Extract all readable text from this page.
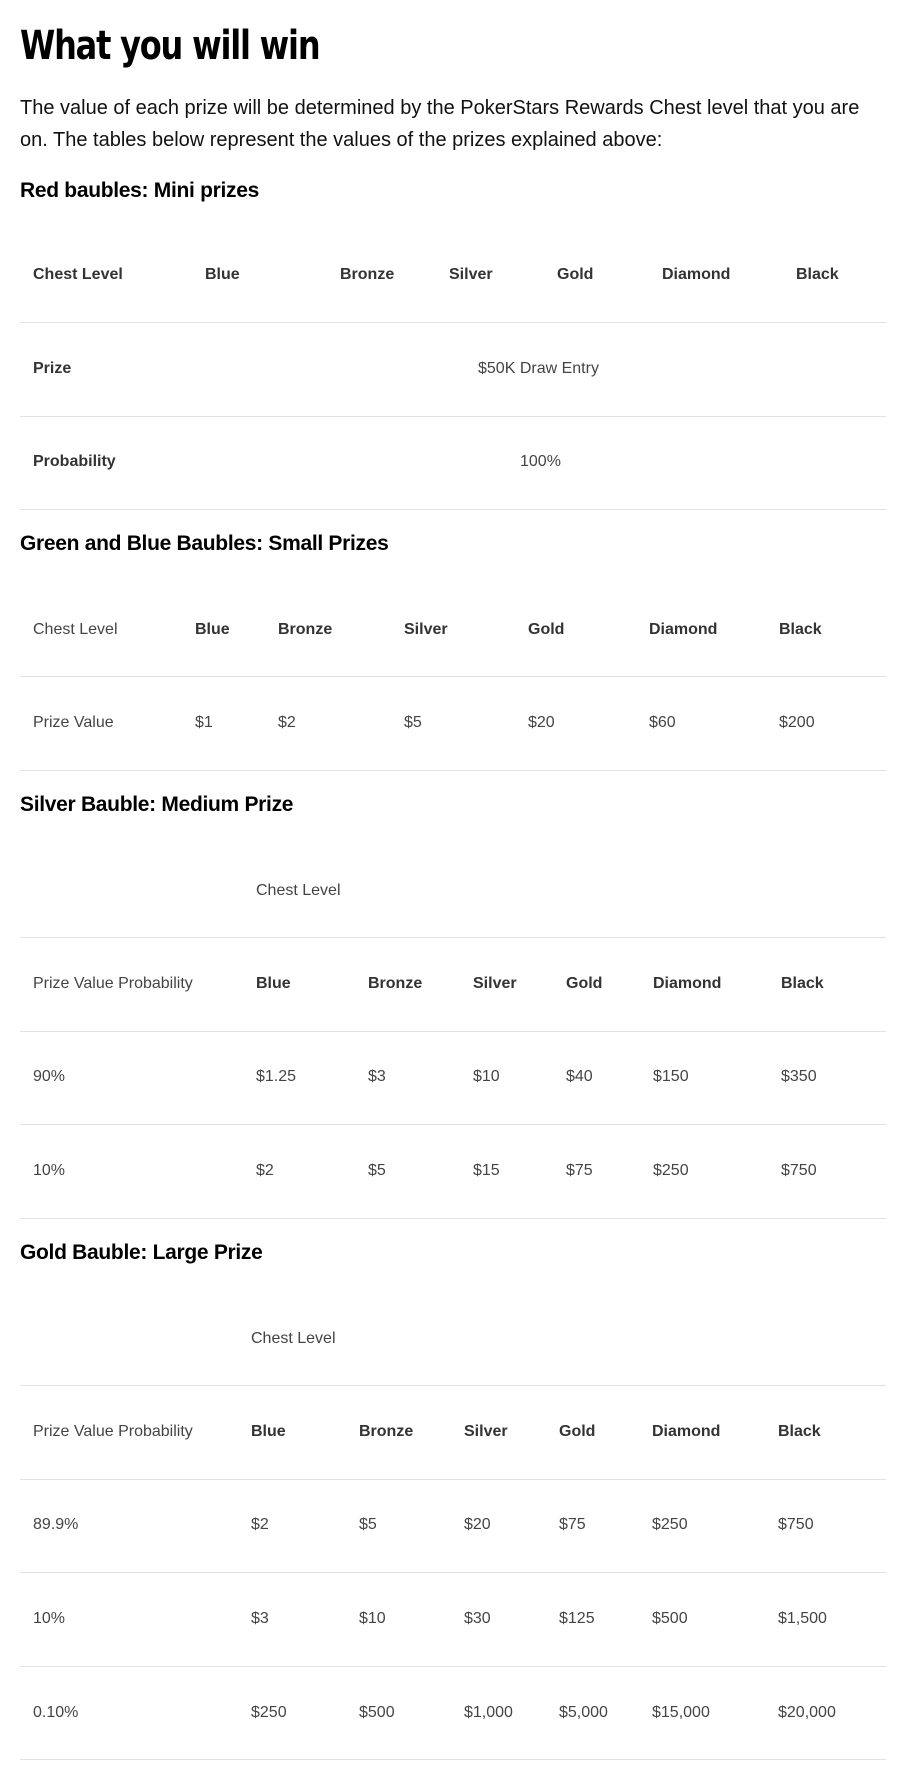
What you will win
The value of each prize will be determined by the PokerStars Rewards Chest level that you are on. The tables below represent the values of the prizes explained above:
Red baubles: Mini prizes
Chest Level	Blue	Bronze	Silver	Gold	Diamond	Black
Prize	$50K Draw Entry
Probability	100%
Green and Blue Baubles: Small Prizes
Chest Level	Blue	Bronze	Silver	Gold	Diamond	Black
Prize Value	$1	$2	$5	$20	$60	$200
Silver Bauble: Medium Prize
Chest Level
Prize Value Probability	Blue	Bronze	Silver	Gold	Diamond	Black
90%	$1.25	$3	$10	$40	$150	$350
10%	$2	$5	$15	$75	$250	$750
Gold Bauble: Large Prize
Chest Level
Prize Value Probability	Blue	Bronze	Silver	Gold	Diamond	Black
89.9%	$2	$5	$20	$75	$250	$750
10%	$3	$10	$30	$125	$500	$1,500
0.10%	$250	$500	$1,000	$5,000	$15,000	$20,000
